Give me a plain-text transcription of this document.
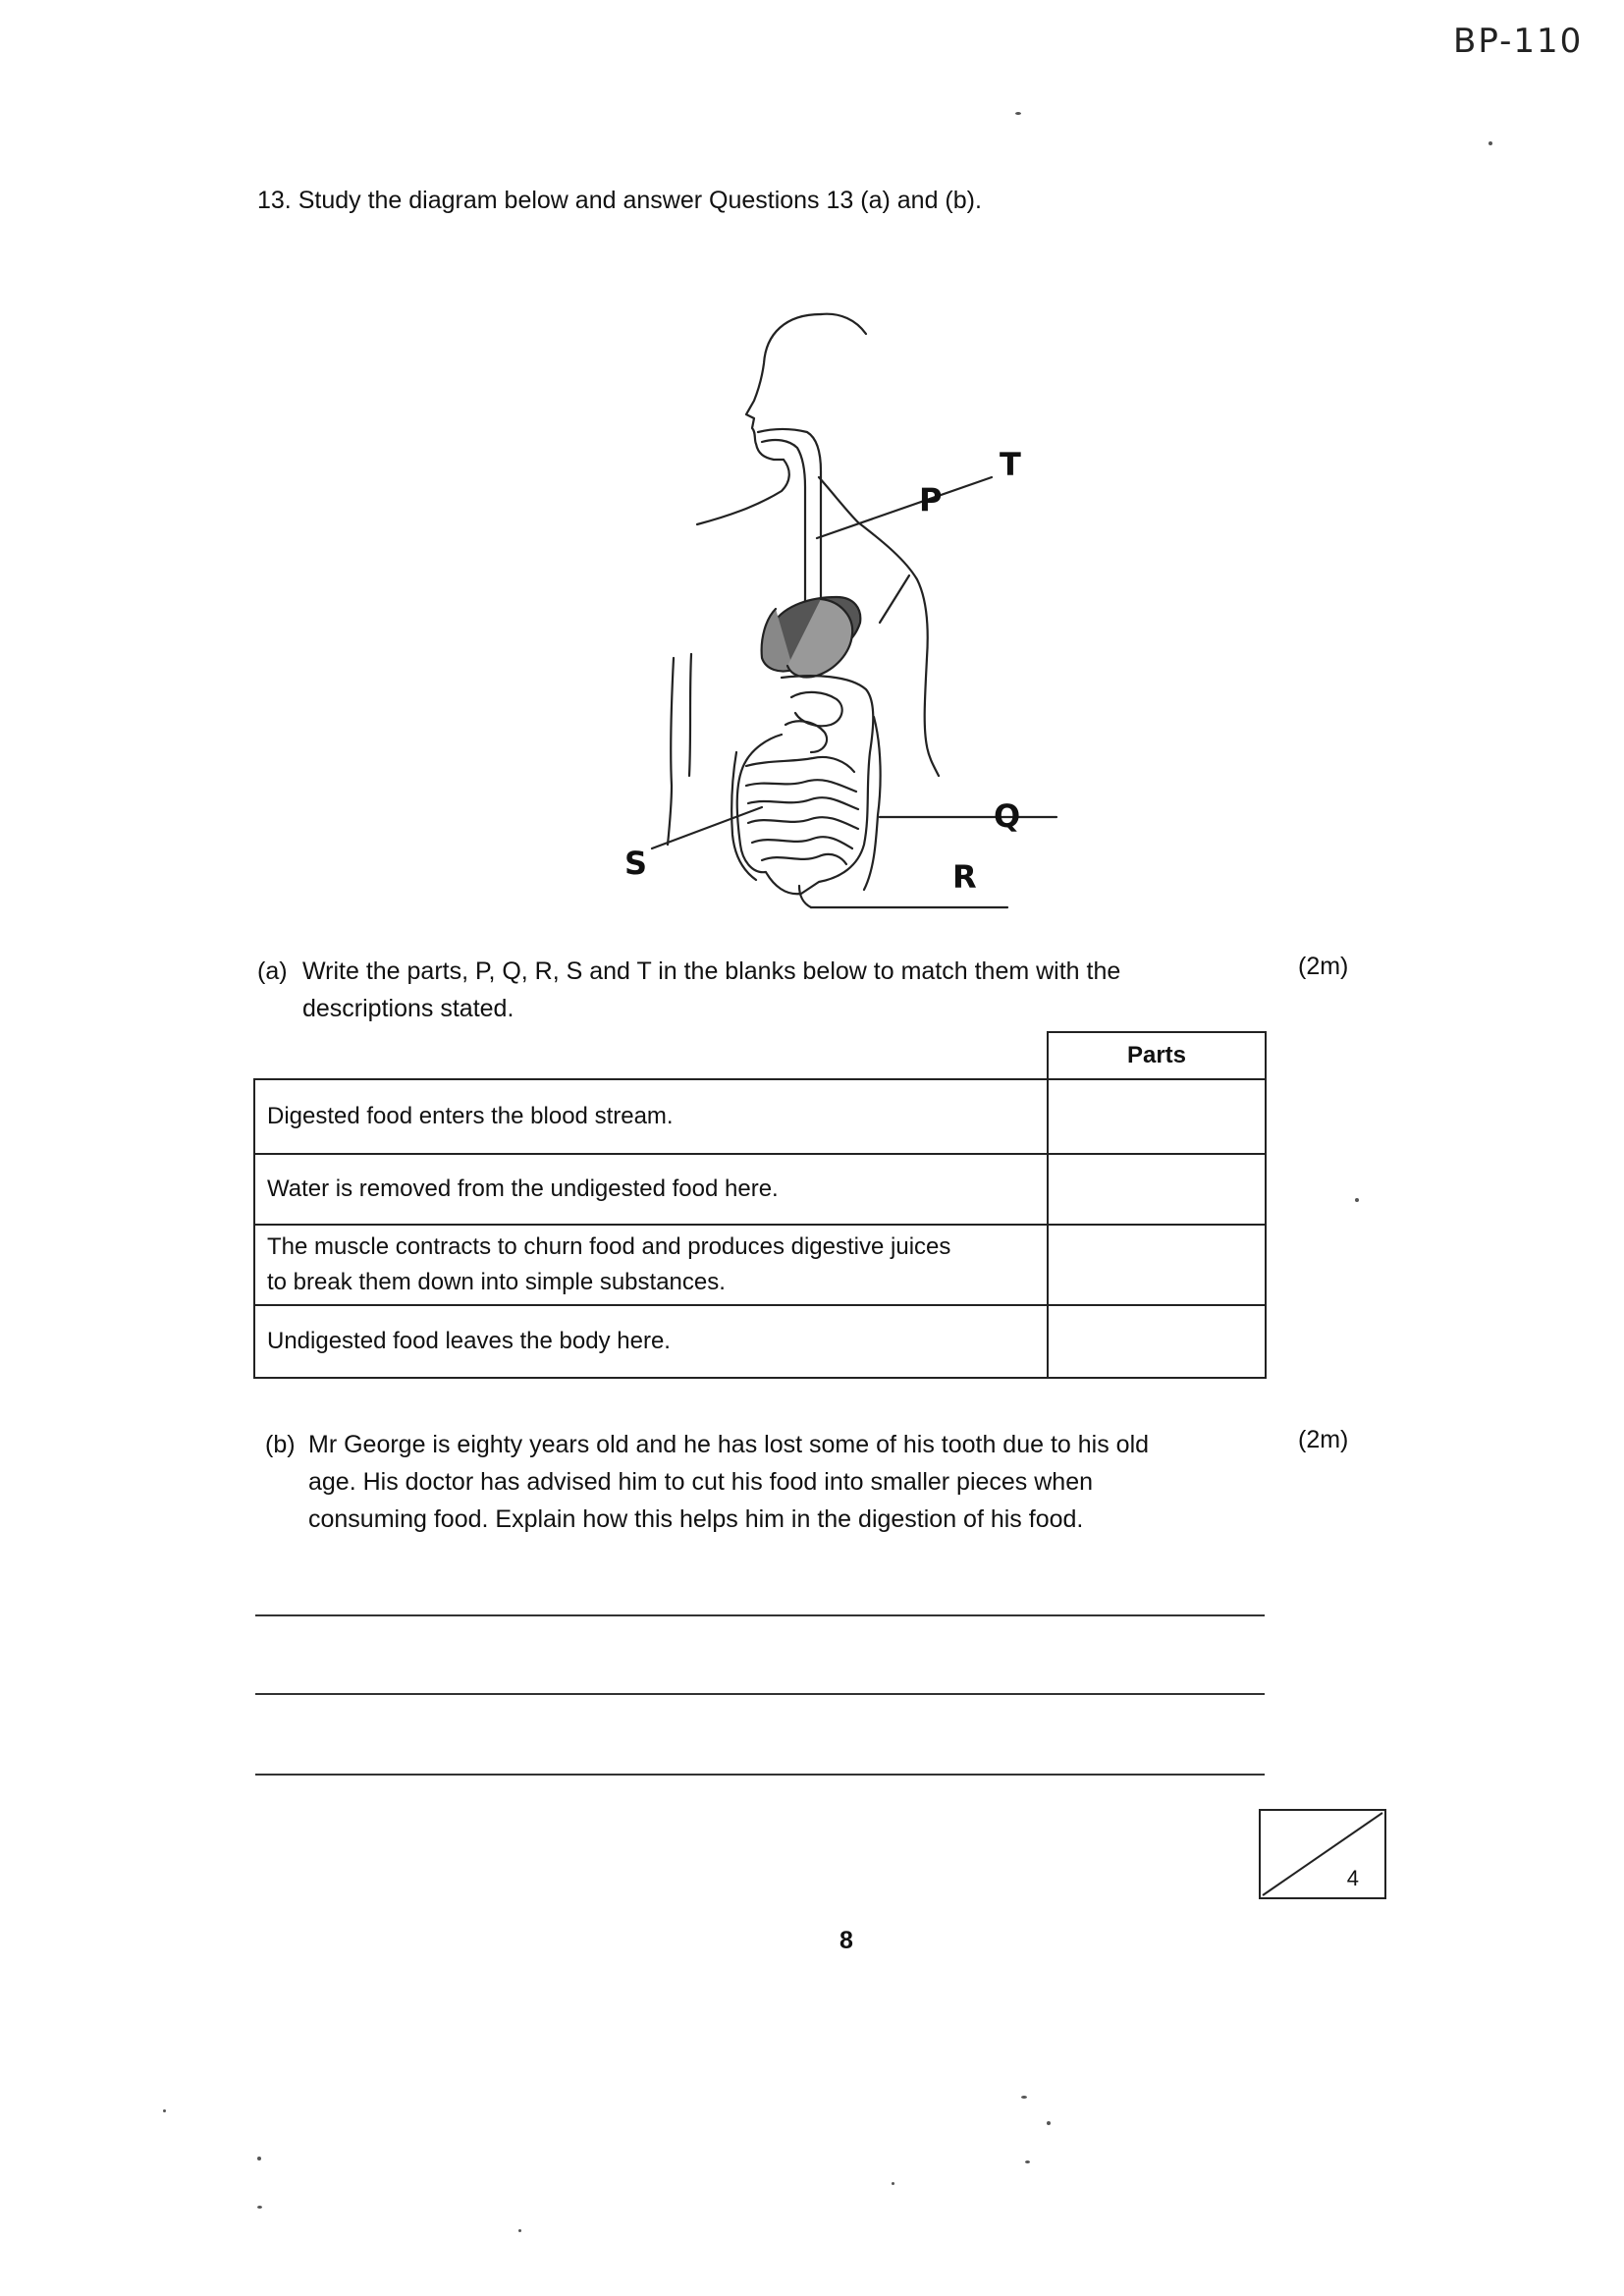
BP-110
13. Study the diagram below and answer Questions 13 (a) and (b).
T
P
Q
R
S
(a) Write the parts, P, Q, R, S and T in the blanks below to match them with the
descriptions stated.
(2m)
	Parts
Digested food enters the blood stream.	
Water is removed from the undigested food here.	

The muscle contracts to churn food and produces digestive juices
to break them down into simple substances.	

Undigested food leaves the body here.	
(b) Mr George is eighty years old and he has lost some of his tooth due to his old
age. His doctor has advised him to cut his food into smaller pieces when
consuming food. Explain how this helps him in the digestion of his food.
(2m)
4
8
